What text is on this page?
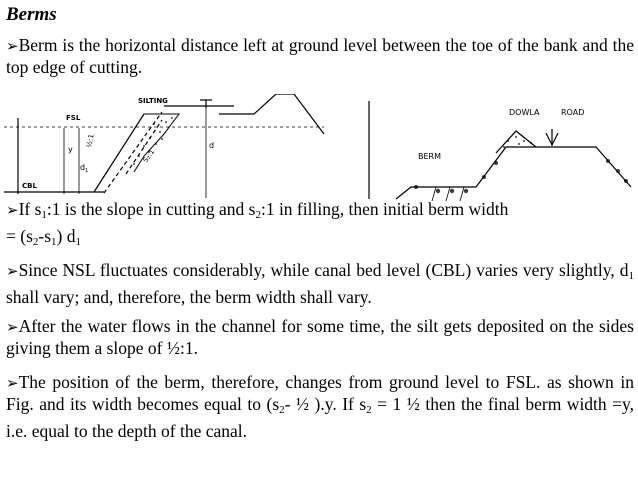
Berms
➢Berm is the horizontal distance left at ground level between the toe of the bank and the top edge of cutting.
SILTING
FSL
CBL
y
$d_1$
d
½:1
S₂:1
DOWLA	ROAD
BERM
➢If $s_1:1$ is the slope in cutting and $s_2:1$ in filling, then initial berm width
= $(s_2-s_1)$ $d_1$
➢Since NSL fluctuates considerably, while canal bed level (CBL) varies very slightly, $d_1$ shall vary; and, therefore, the berm width shall vary.
➢After the water flows in the channel for some time, the silt gets deposited on the sides giving them a slope of ½:1.
➢The position of the berm, therefore, changes from ground level to FSL. as shown in Fig. and its width becomes equal to ($s_2-$ ½ ).y. If $s_2 = 1$ ½ then the final berm width =y, i.e. equal to the depth of the canal.
